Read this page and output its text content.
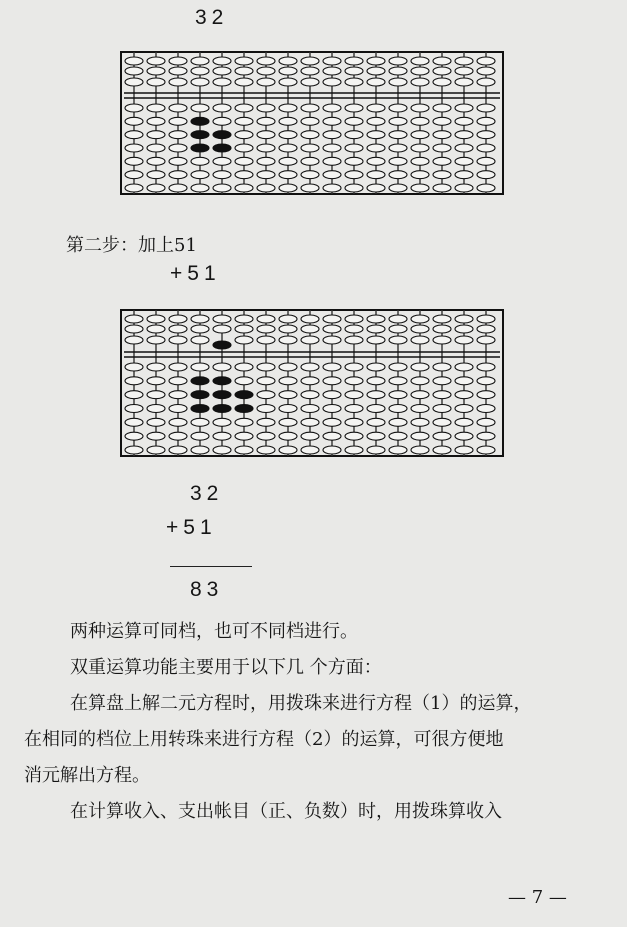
32
第二步：加上51
+51
32
+51
83
两种运算可同档，也可不同档进行。
双重运算功能主要用于以下几 个方面：
在算盘上解二元方程时，用拨珠来进行方程（1）的运算，
在相同的档位上用转珠来进行方程（2）的运算，可很方便地
消元解出方程。
在计算收入、支出帐目（正、负数）时，用拨珠算收入
— 7 —
